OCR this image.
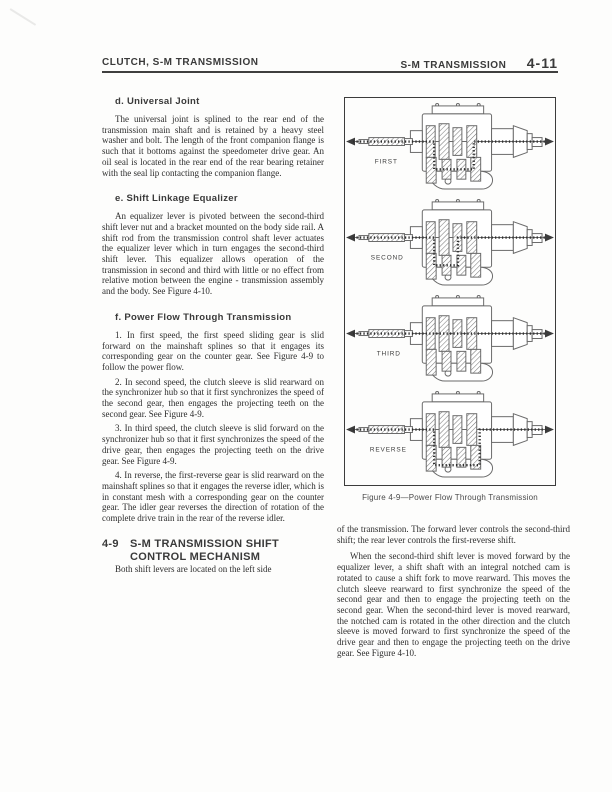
CLUTCH, S-M TRANSMISSION	S-M TRANSMISSION 4-11
d. Universal Joint

The universal joint is splined to the rear end of the transmission main shaft and is retained by a heavy steel washer and bolt. The length of the front companion flange is such that it bottoms against the speedometer drive gear. An oil seal is located in the rear end of the rear bearing retainer with the seal lip contacting the companion flange.

e. Shift Linkage Equalizer

An equalizer lever is pivoted between the second-third shift lever nut and a bracket mounted on the body side rail. A shift rod from the transmission control shaft lever actuates the equalizer lever which in turn engages the second-third shift lever. This equalizer allows operation of the transmission in second and third with little or no effect from relative motion between the engine - transmission assembly and the body. See Figure 4-10.

f. Power Flow Through Transmission

1. In first speed, the first speed sliding gear is slid forward on the mainshaft splines so that it engages its corresponding gear on the counter gear. See Figure 4-9 to follow the power flow.

2. In second speed, the clutch sleeve is slid rearward on the synchronizer hub so that it first synchronizes the speed of the second gear, then engages the projecting teeth on the second gear. See Figure 4-9.

3. In third speed, the clutch sleeve is slid forward on the synchronizer hub so that it first synchronizes the speed of the drive gear, then engages the projecting teeth on the drive gear. See Figure 4-9.

4. In reverse, the first-reverse gear is slid rearward on the mainshaft splines so that it engages the reverse idler, which is in constant mesh with a corresponding gear on the counter gear. The idler gear reverses the direction of rotation of the complete drive train in the rear of the reverse idler.

4-9	S-M TRANSMISSION SHIFT
CONTROL MECHANISM

Both shift levers are located on the left side

FIRST
SECOND
THIRD
REVERSE
Figure 4-9—Power Flow Through Transmission

of the transmission. The forward lever controls the second-third shift; the rear lever controls the first-reverse shift.

When the second-third shift lever is moved forward by the equalizer lever, a shift shaft with an integral notched cam is rotated to cause a shift fork to move rearward. This moves the clutch sleeve rearward to first synchronize the speed of the second gear and then to engage the projecting teeth on the second gear. When the second-third lever is moved rearward, the notched cam is rotated in the other direction and the clutch sleeve is moved forward to first synchronize the speed of the drive gear and then to engage the projecting teeth on the drive gear. See Figure 4-10.
